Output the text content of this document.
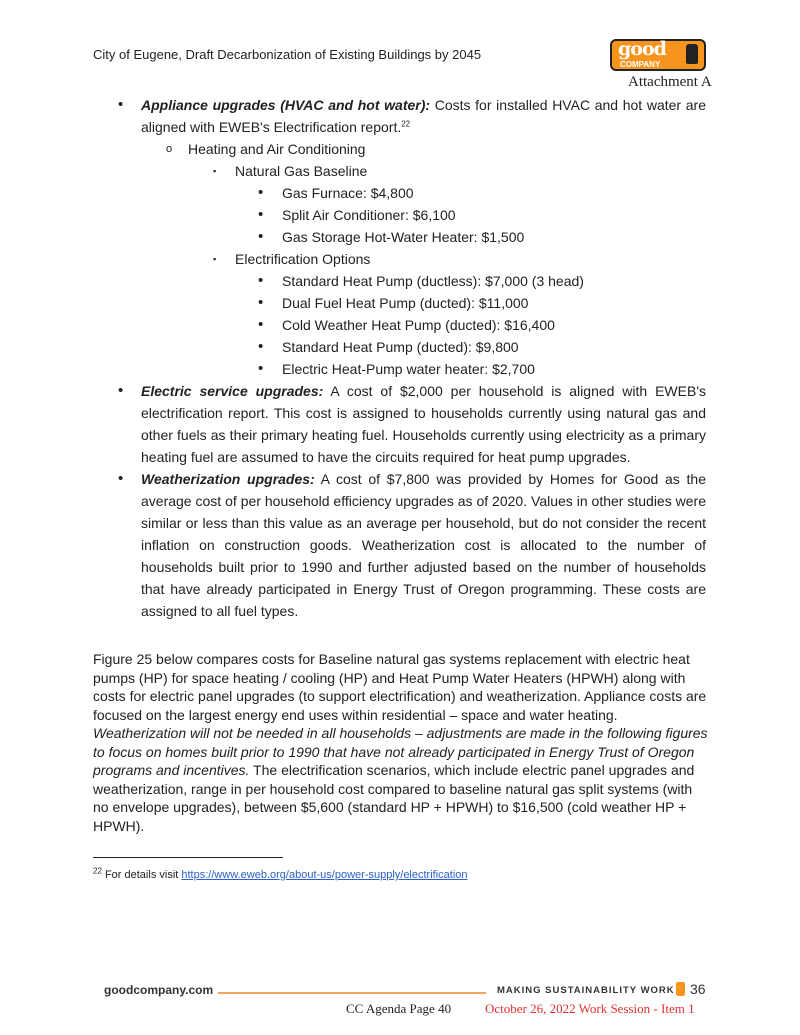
City of Eugene, Draft Decarbonization of Existing Buildings by 2045	good
COMPANY
Attachment A
• Appliance upgrades (HVAC and hot water): Costs for installed HVAC and hot water are aligned with EWEB's Electrification report.$^{22}$
o Heating and Air Conditioning
▪ Natural Gas Baseline
• Gas Furnace: $4,800
• Split Air Conditioner: $6,100
• Gas Storage Hot-Water Heater: $1,500
▪ Electrification Options
• Standard Heat Pump (ductless): $7,000 (3 head)
• Dual Fuel Heat Pump (ducted): $11,000
• Cold Weather Heat Pump (ducted): $16,400
• Standard Heat Pump (ducted): $9,800
• Electric Heat-Pump water heater: $2,700
• Electric service upgrades: A cost of $2,000 per household is aligned with EWEB's electrification report. This cost is assigned to households currently using natural gas and other fuels as their primary heating fuel. Households currently using electricity as a primary heating fuel are assumed to have the circuits required for heat pump upgrades.
• Weatherization upgrades: A cost of $7,800 was provided by Homes for Good as the average cost of per household efficiency upgrades as of 2020. Values in other studies were similar or less than this value as an average per household, but do not consider the recent inflation on construction goods. Weatherization cost is allocated to the number of households built prior to 1990 and further adjusted based on the number of households that have already participated in Energy Trust of Oregon programming. These costs are assigned to all fuel types.

Figure 25 below compares costs for Baseline natural gas systems replacement with electric heat pumps (HP) for space heating / cooling (HP) and Heat Pump Water Heaters (HPWH) along with costs for electric panel upgrades (to support electrification) and weatherization. Appliance costs are focused on the largest energy end uses within residential – space and water heating. Weatherization will not be needed in all households – adjustments are made in the following figures to focus on homes built prior to 1990 that have not already participated in Energy Trust of Oregon programs and incentives. The electrification scenarios, which include electric panel upgrades and weatherization, range in per household cost compared to baseline natural gas split systems (with no envelope upgrades), between $5,600 (standard HP + HPWH) to $16,500 (cold weather HP + HPWH).

$^{22}$ For details visit https://www.eweb.org/about-us/power-supply/electrification
goodcompany.com	MAKING SUSTAINABILITY WORK 36
CC Agenda Page 40	October 26, 2022 Work Session - Item 1
